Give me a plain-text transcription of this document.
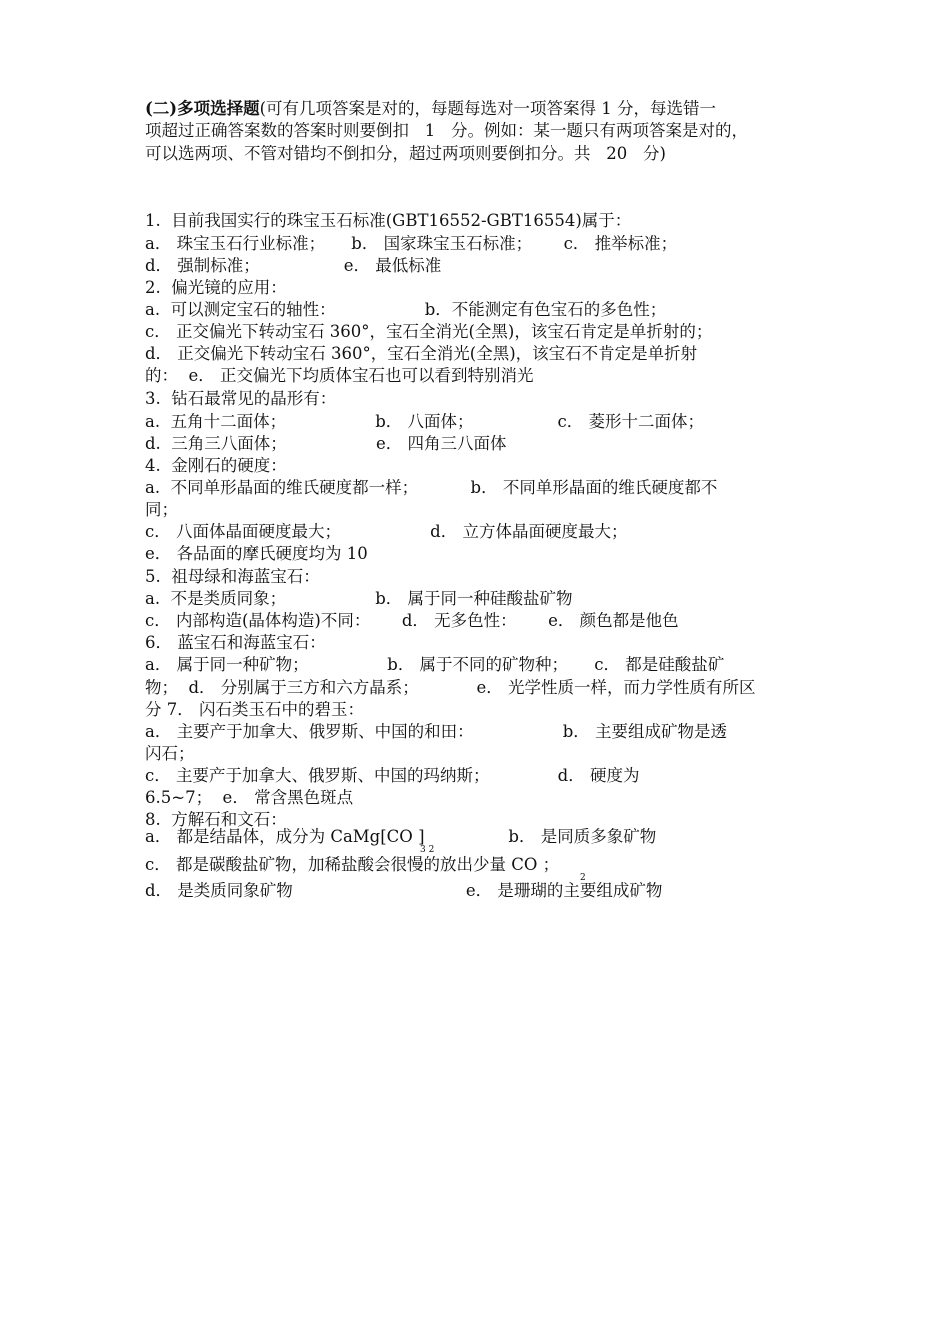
(二)多项选择题(可有几项答案是对的，每题每选对一项答案得 1 分，每选错一
项超过正确答案数的答案时则要倒扣   1   分。例如：某一题只有两项答案是对的，
可以选两项、不管对错均不倒扣分，超过两项则要倒扣分。共   20   分)
1.  目前我国实行的珠宝玉石标准(GBT16552-GBT16554)属于：
a． 珠宝玉石行业标准；     b． 国家珠宝玉石标准；      c． 推举标准；
d． 强制标准；                e． 最低标准
2.  偏光镜的应用：
a.  可以测定宝石的轴性：                 b．不能测定有色宝石的多色性；
c． 正交偏光下转动宝石 360°，宝石全消光(全黑)，该宝石肯定是单折射的；
d． 正交偏光下转动宝石 360°，宝石全消光(全黑)，该宝石不肯定是单折射
的：  e． 正交偏光下均质体宝石也可以看到特别消光
3.  钻石最常见的晶形有：
a.  五角十二面体；                 b． 八面体；                c． 菱形十二面体；
d.  三角三八面体；                 e． 四角三八面体
4.  金刚石的硬度：
a.  不同单形晶面的维氏硬度都一样；          b． 不同单形晶面的维氏硬度都不
同；
c． 八面体晶面硬度最大；                 d． 立方体晶面硬度最大；
e． 各品面的摩氏硬度均为 10
5.  祖母绿和海蓝宝石：
a.  不是类质同象；                 b． 属于同一种硅酸盐矿物
c． 内部构造(晶体构造)不同：      d． 无多色性：      e． 颜色都是他色
6． 蓝宝石和海蓝宝石：
a． 属于同一种矿物；               b． 属于不同的矿物种；     c． 都是硅酸盐矿
物；  d． 分别属于三方和六方晶系；           e． 光学性质一样，而力学性质有所区
分 7． 闪石类玉石中的碧玉：
a． 主要产于加拿大、俄罗斯、中国的和田：                 b． 主要组成矿物是透
闪石；
c． 主要产于加拿大、俄罗斯、中国的玛纳斯；             d． 硬度为
6.5~7；  e． 常含黑色斑点
8.  方解石和文石：
a． 都是结晶体，成分为 CaMg[CO ]                b． 是同质多象矿物
3 2
c． 都是碳酸盐矿物，加稀盐酸会很慢的放出少量 CO ；
2
d． 是类质同象矿物                                 e． 是珊瑚的主要组成矿物
